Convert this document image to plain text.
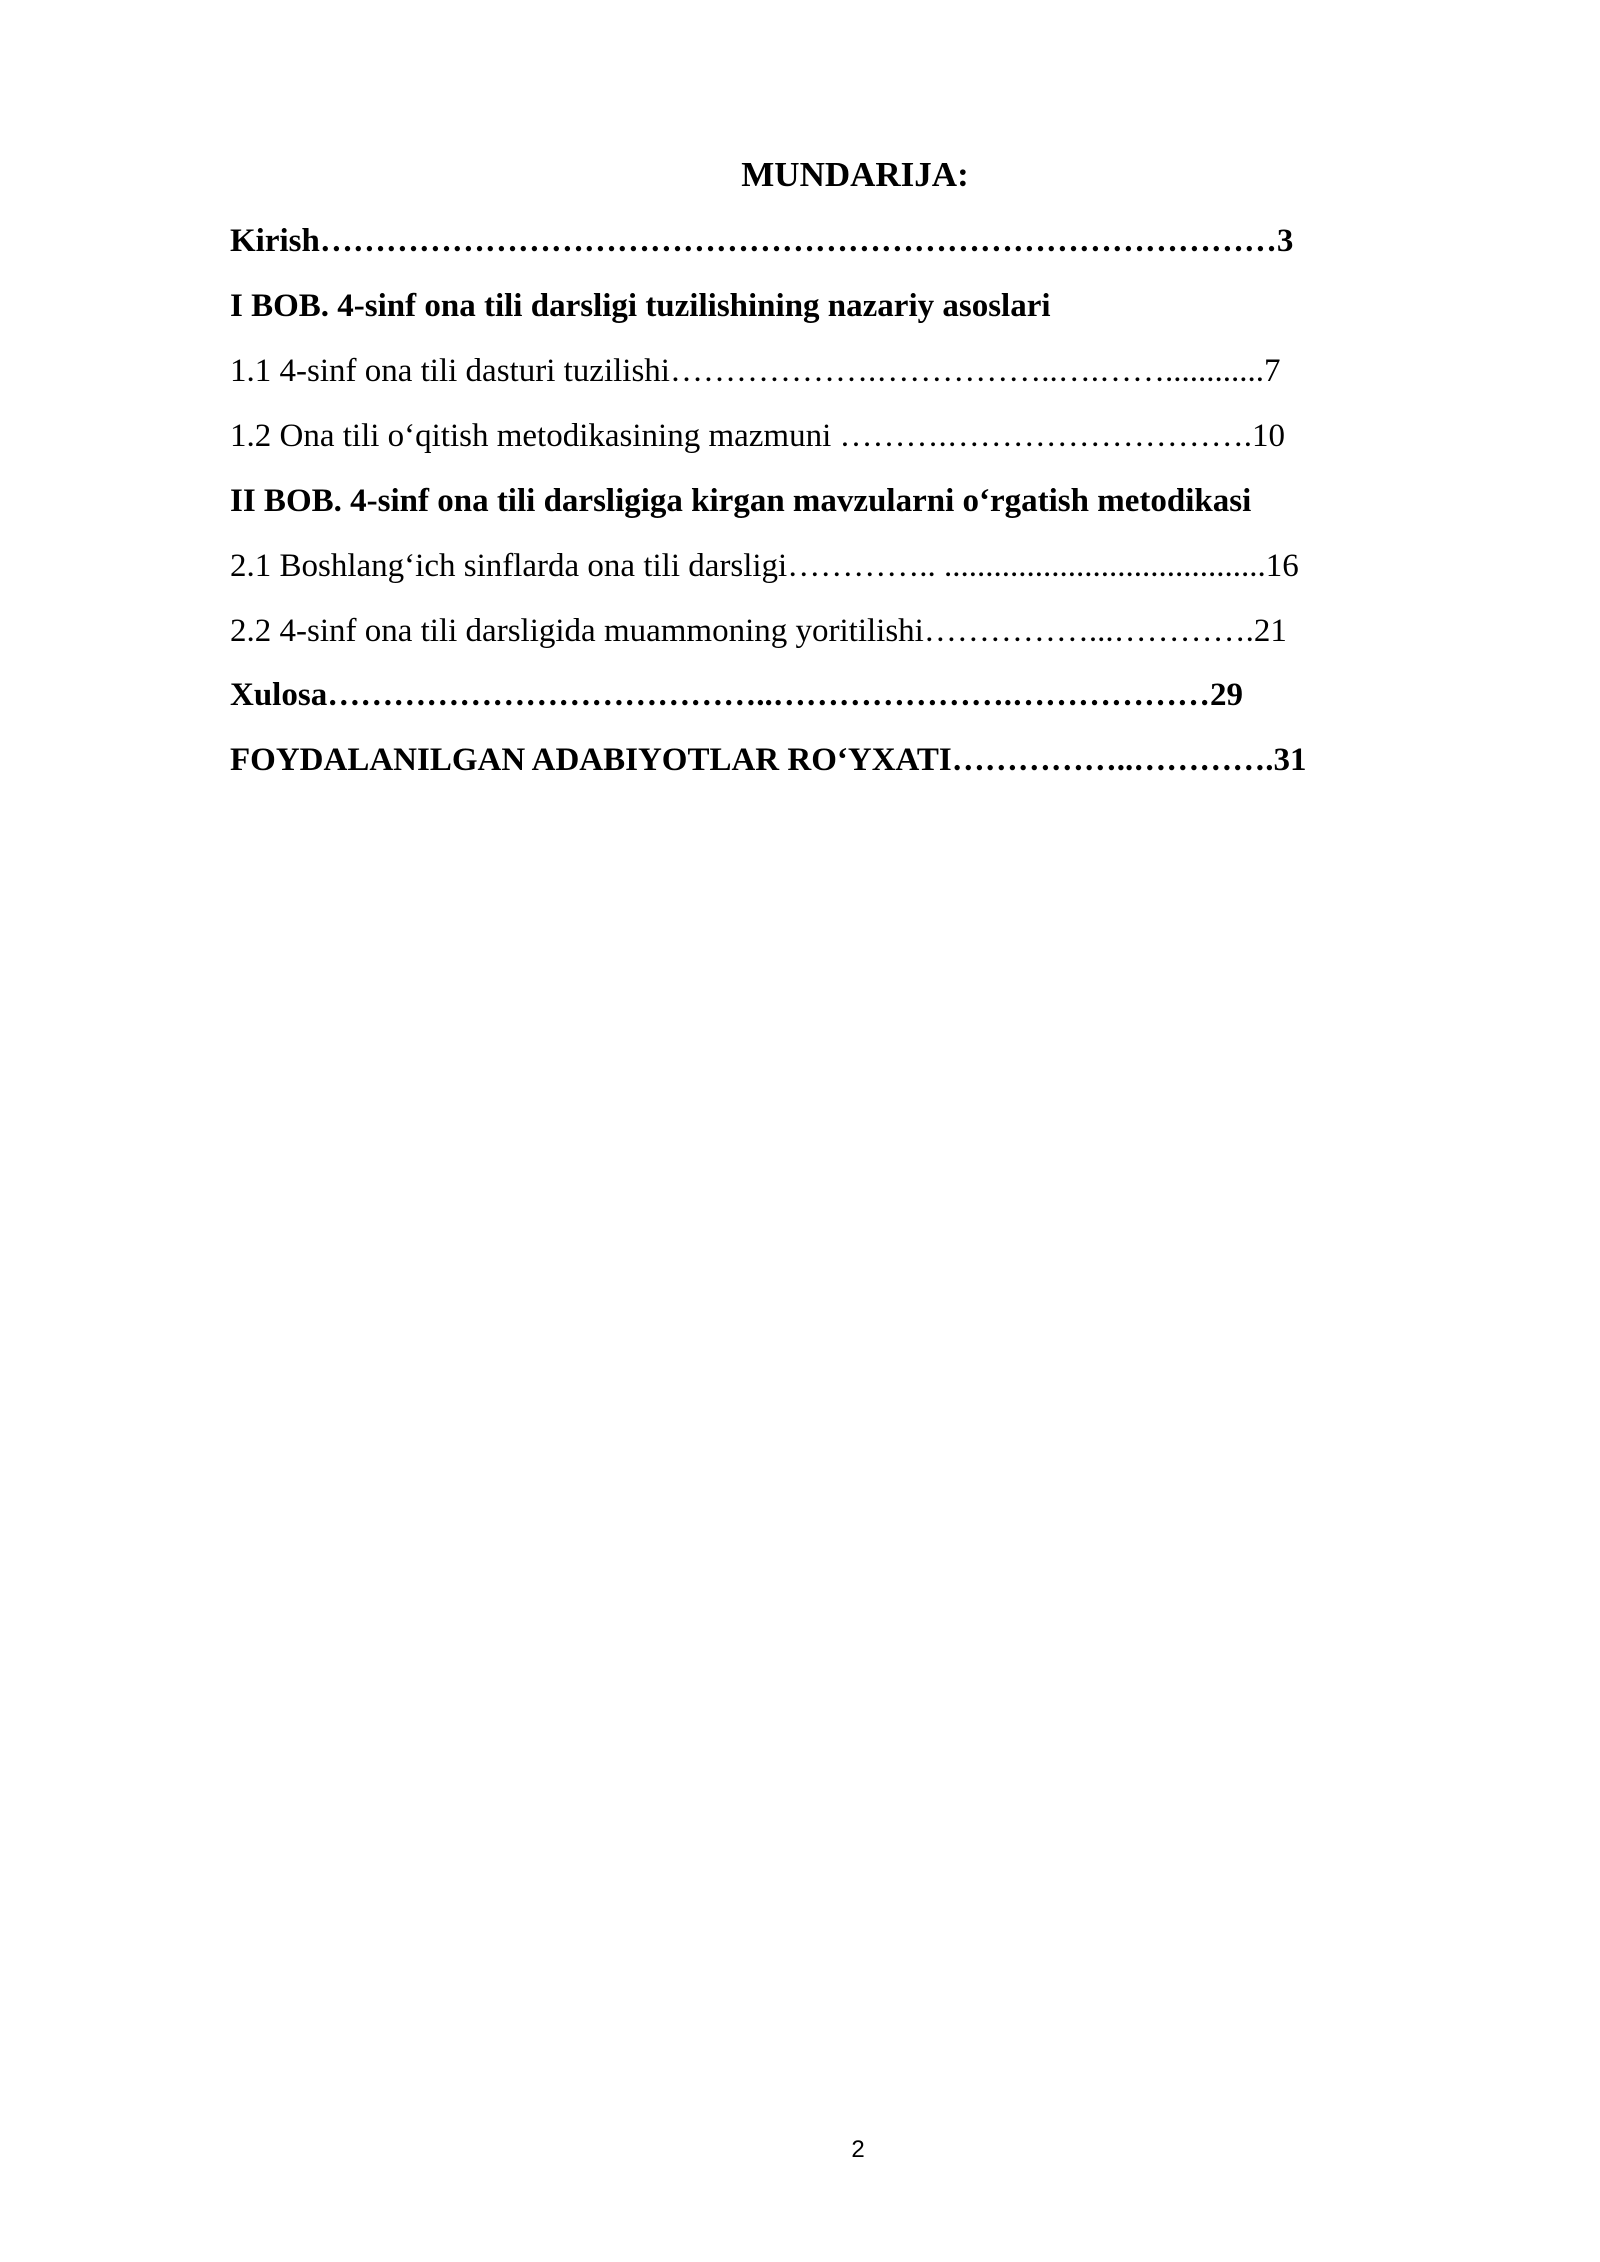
MUNDARIJA:
Kirish……………………………………………………………………………3
I BOB. 4-sinf ona tili darsligi tuzilishining nazariy asoslari
1.1 4-sinf ona tili dasturi tuzilishi……………….……………..….……............7
1.2 Ona tili o‘qitish metodikasining mazmuni ……….……………………….10
II BOB. 4-sinf ona tili darsligiga kirgan mavzularni o‘rgatish metodikasi
2.1 Boshlang‘ich sinflarda ona tili darsligi………….. .......................................16
2.2 4-sinf ona tili darsligida muammoning yoritilishi……………...………….21
Xulosa…………………………………..………………….………………29
FOYDALANILGAN ADABIYOTLAR RO‘YXATI……………..………….31
2
